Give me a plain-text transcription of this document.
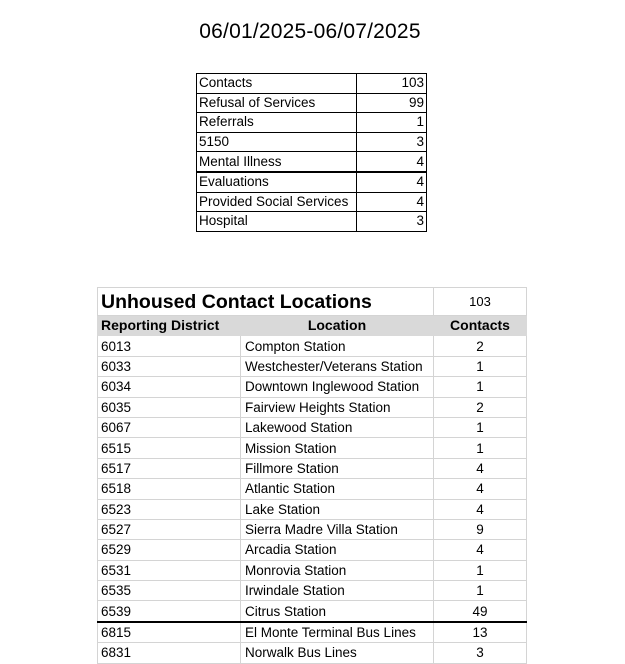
06/01/2025-06/07/2025
Contacts	103
Refusal of Services	99
Referrals	1
5150	3
Mental Illness	4
Evaluations	4
Provided Social Services	4
Hospital	3
Unhoused Contact Locations		103
Reporting District	Location	Contacts
6013	Compton Station	2
6033	Westchester/Veterans Station	1
6034	Downtown Inglewood Station	1
6035	Fairview Heights Station	2
6067	Lakewood Station	1
6515	Mission Station	1
6517	Fillmore Station	4
6518	Atlantic Station	4
6523	Lake Station	4
6527	Sierra Madre Villa Station	9
6529	Arcadia Station	4
6531	Monrovia Station	1
6535	Irwindale Station	1
6539	Citrus Station	49
6815	El Monte Terminal Bus Lines	13
6831	Norwalk Bus Lines	3
